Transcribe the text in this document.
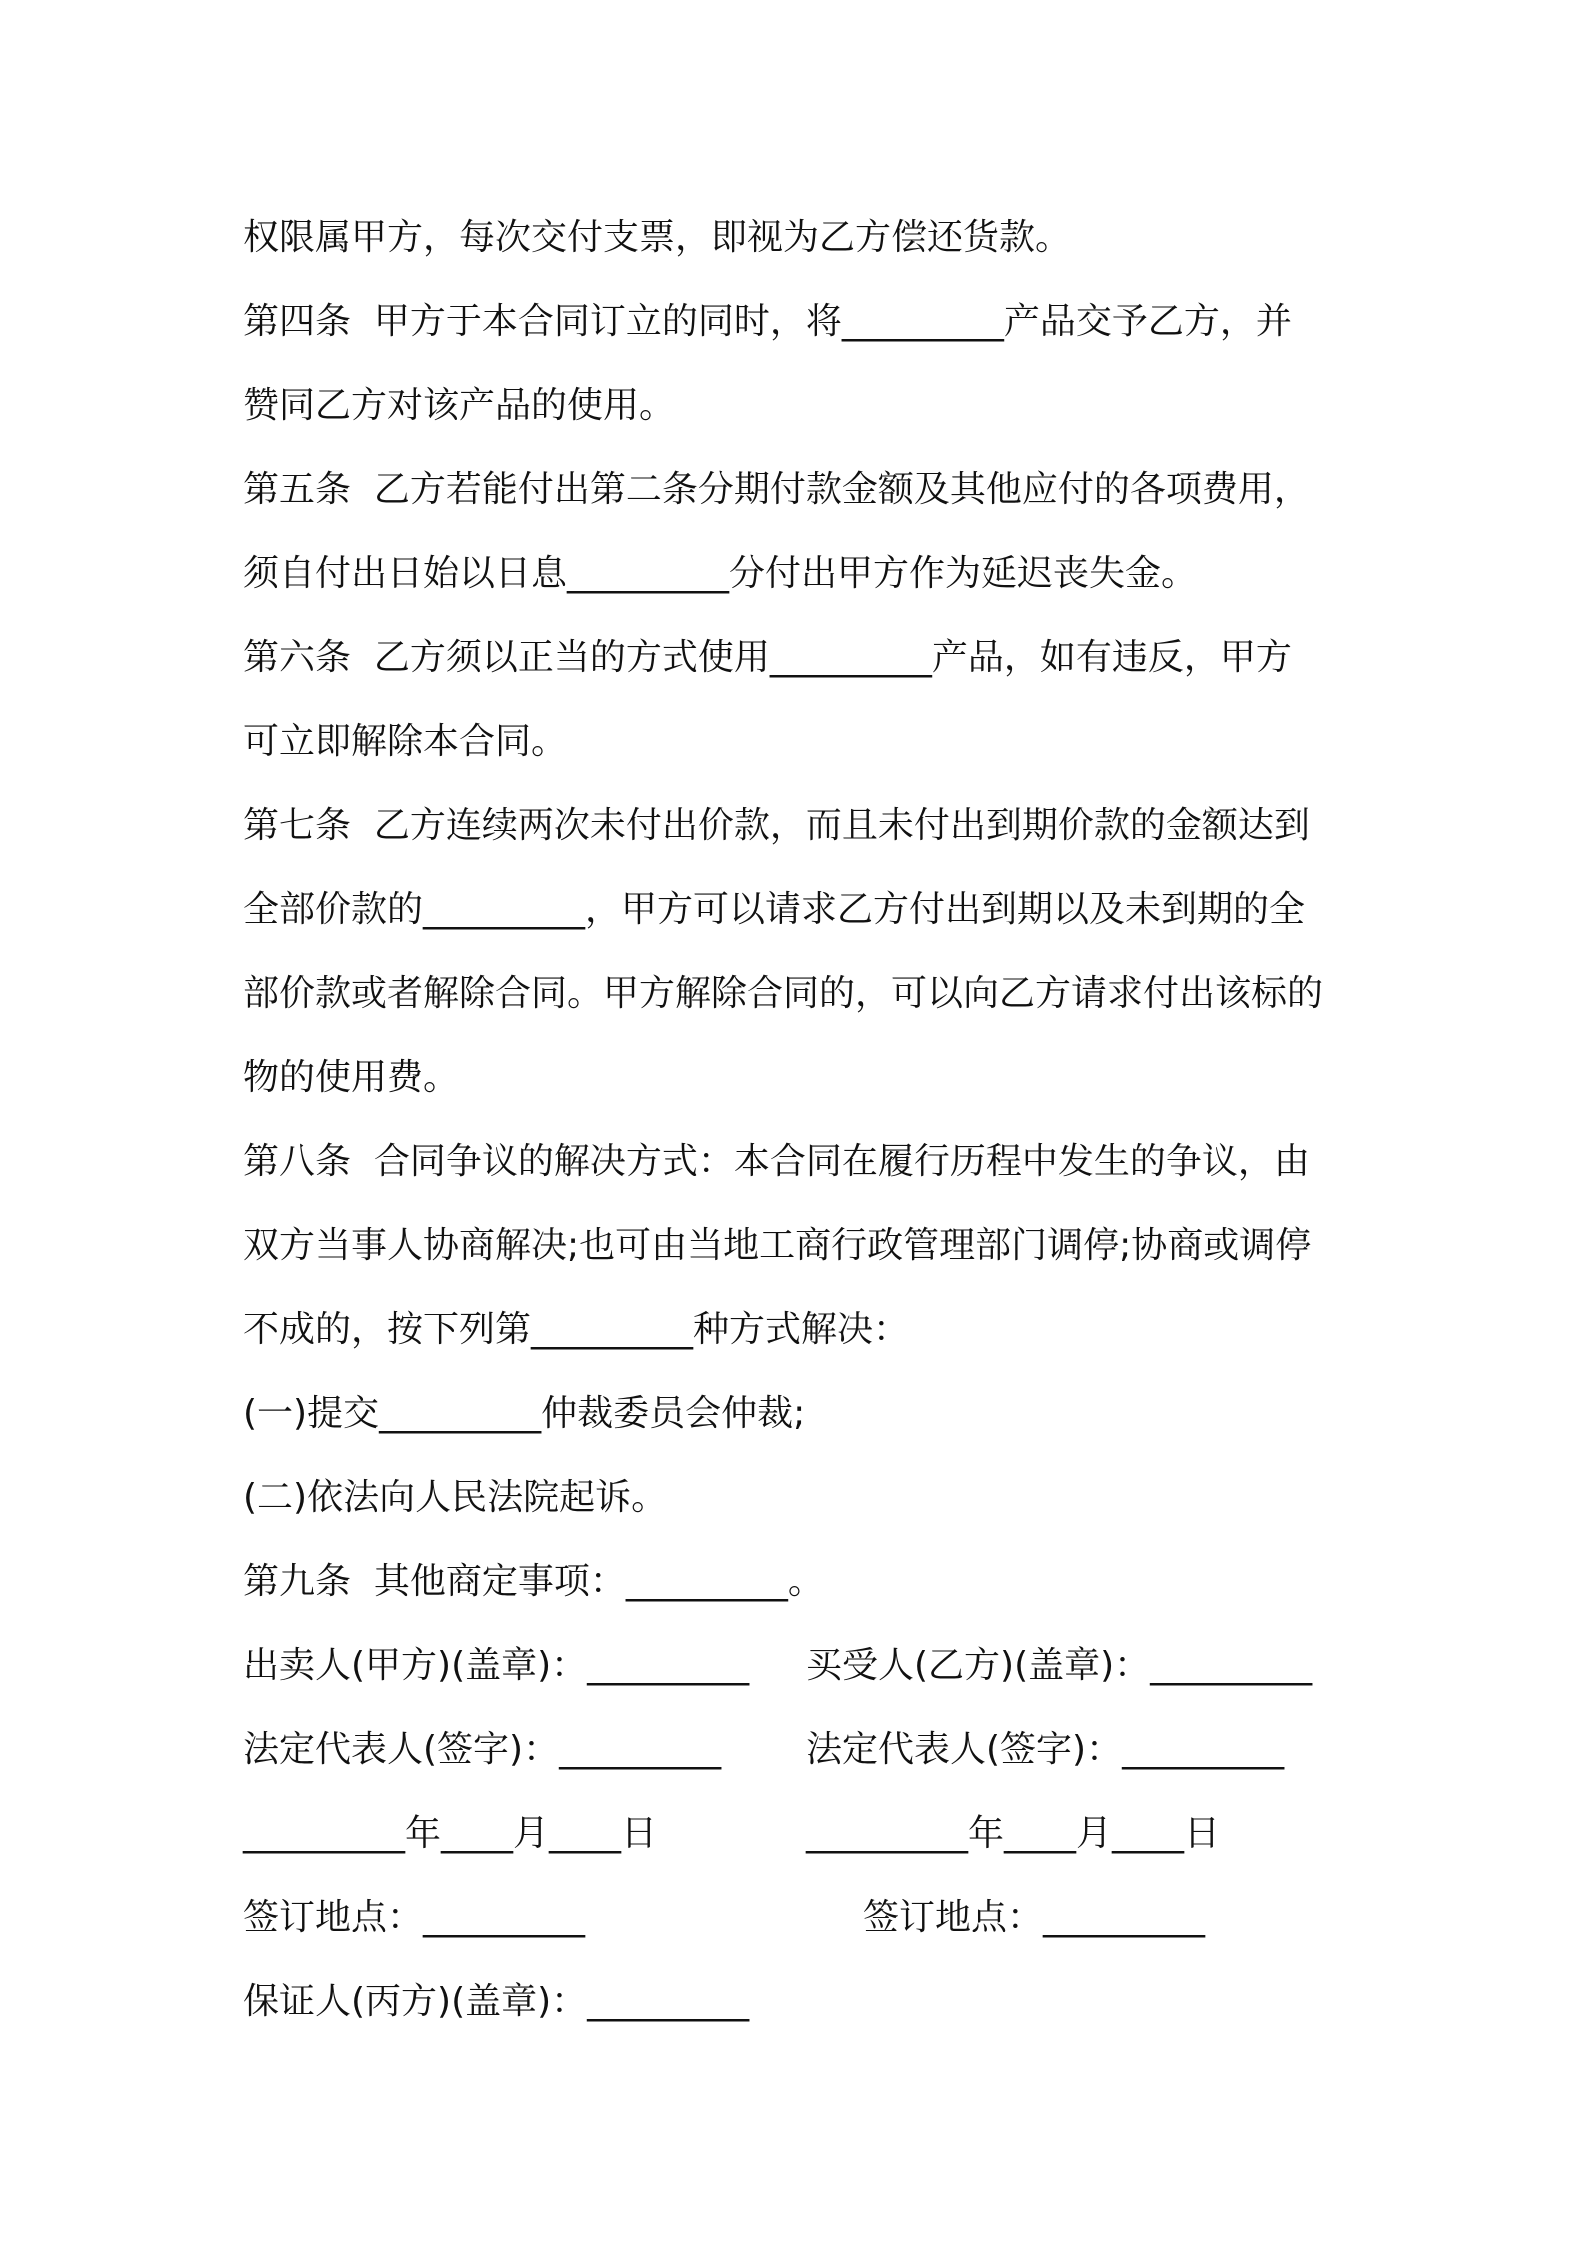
权限属甲方，每次交付支票，即视为乙方偿还货款。
第四条  甲方于本合同订立的同时，将_________产品交予乙方，并
赞同乙方对该产品的使用。
第五条  乙方若能付出第二条分期付款金额及其他应付的各项费用，
须自付出日始以日息_________分付出甲方作为延迟丧失金。
第六条  乙方须以正当的方式使用_________产品，如有违反，甲方
可立即解除本合同。
第七条  乙方连续两次未付出价款，而且未付出到期价款的金额达到
全部价款的_________，甲方可以请求乙方付出到期以及未到期的全
部价款或者解除合同。甲方解除合同的，可以向乙方请求付出该标的
物的使用费。
第八条  合同争议的解决方式：本合同在履行历程中发生的争议，由
双方当事人协商解决;也可由当地工商行政管理部门调停;协商或调停
不成的，按下列第_________种方式解决：
(一)提交_________仲裁委员会仲裁;
(二)依法向人民法院起诉。
第九条  其他商定事项：_________。
出卖人(甲方)(盖章)：_________ 买受人(乙方)(盖章)：_________
法定代表人(签字)：_________ 法定代表人(签字)：_________
_________年____月____日	_________年____月____日
签订地点：_________	签订地点：_________
保证人(丙方)(盖章)：_________
